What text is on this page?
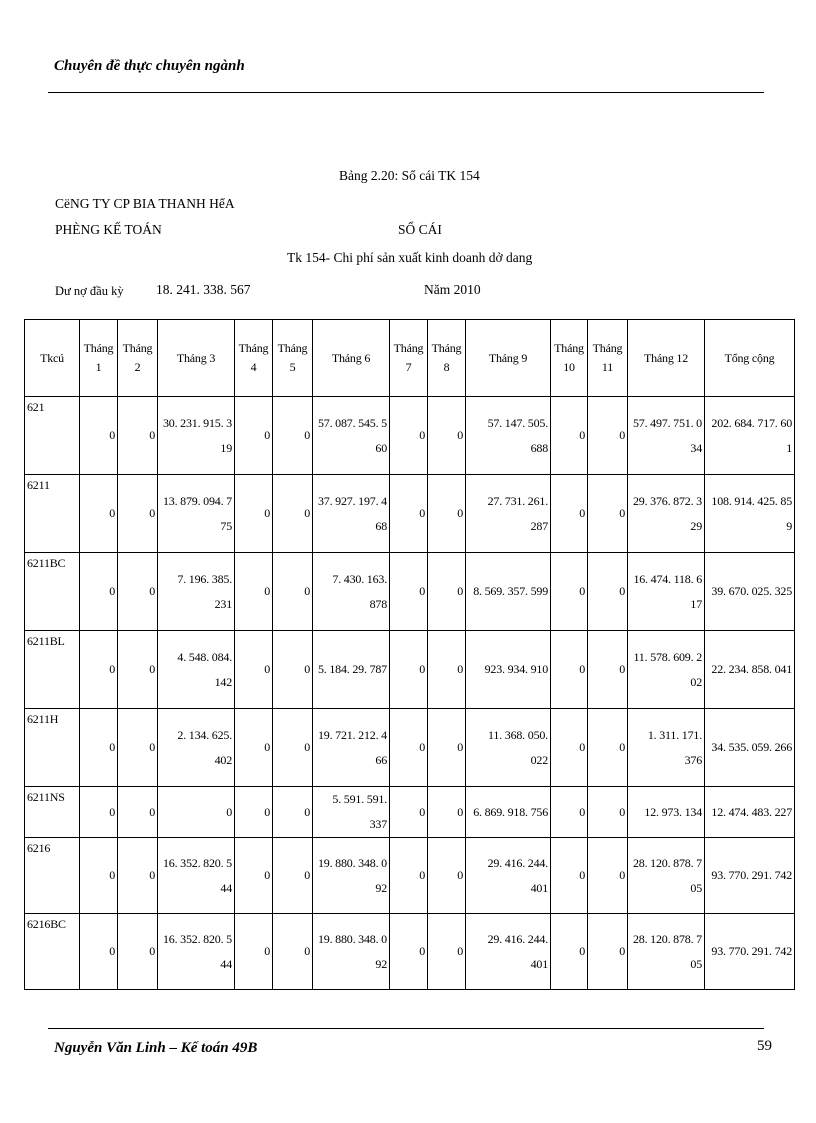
Chuyên đề thực chuyên ngành
Bảng 2.20: Sổ cái TK 154
CëNG TY CP BIA THANH HểA
PHÈNG KẾ TOÁN	SỔ CÁI
Tk 154- Chi phí sản xuất kinh doanh dở dang
Dư nợ đầu kỳ 18. 241. 338. 567	Năm 2010
Tkcú	Tháng 1	Tháng 2	Tháng 3	Tháng 4	Tháng 5	Tháng 6	Tháng 7	Tháng 8	Tháng 9	Tháng 10	Tháng 11	Tháng 12	Tổng cộng
621	0	0	30. 231. 915. 319	0	0	57. 087. 545. 560	0	0	57. 147. 505. 688	0	0	57. 497. 751. 034	202. 684. 717. 601

6211	0	0	13. 879. 094. 775	0	0	37. 927. 197. 468	0	0	27. 731. 261. 287	0	0	29. 376. 872. 329	108. 914. 425. 859

6211BC	0	0	7. 196. 385. 231	0	0	7. 430. 163. 878	0	0	8. 569. 357. 599	0	0	16. 474. 118. 617	39. 670. 025. 325
6211BL	0	0	4. 548. 084. 142	0	0	5. 184. 29. 787	0	0	923. 934. 910	0	0	11. 578. 609. 202	22. 234. 858. 041
6211H	0	0	2. 134. 625. 402	0	0	19. 721. 212. 466	0	0	11. 368. 050. 022	0	0	1. 311. 171. 376	34. 535. 059. 266
6211NS	0	0	0	0	0	5. 591. 591. 337	0	0	6. 869. 918. 756	0	0	12. 973. 134	12. 474. 483. 227
6216	0	0	16. 352. 820. 544	0	0	19. 880. 348. 092	0	0	29. 416. 244. 401	0	0	28. 120. 878. 705	93. 770. 291. 742
6216BC	0	0	16. 352. 820. 544	0	0	19. 880. 348. 092	0	0	29. 416. 244. 401	0	0	28. 120. 878. 705	93. 770. 291. 742
Nguyễn Văn Linh – Kế toán 49B	59
